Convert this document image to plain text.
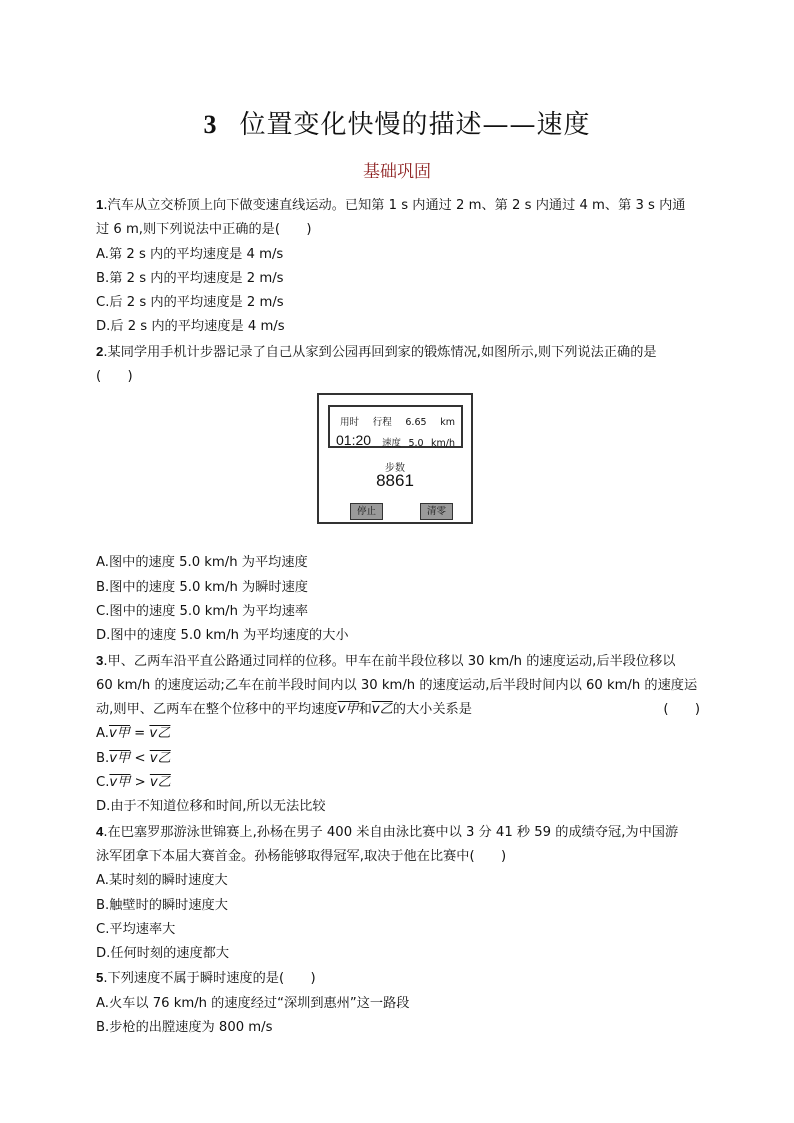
3 位置变化快慢的描述——速度
基础巩固
1.汽车从立交桥顶上向下做变速直线运动。已知第 1 s 内通过 2 m、第 2 s 内通过 4 m、第 3 s 内通
过 6 m,则下列说法中正确的是(　　)
A.第 2 s 内的平均速度是 4 m/s
B.第 2 s 内的平均速度是 2 m/s
C.后 2 s 内的平均速度是 2 m/s
D.后 2 s 内的平均速度是 4 m/s
2.某同学用手机计步器记录了自己从家到公园再回到家的锻炼情况,如图所示,则下列说法正确的是
(　　)
用时 行程 6.65 km
01:20 速度 5.0 km/h
步数
8861
停止	清零
A.图中的速度 5.0 km/h 为平均速度
B.图中的速度 5.0 km/h 为瞬时速度
C.图中的速度 5.0 km/h 为平均速率
D.图中的速度 5.0 km/h 为平均速度的大小
3.甲、乙两车沿平直公路通过同样的位移。甲车在前半段位移以 30 km/h 的速度运动,后半段位移以
60 km/h 的速度运动;乙车在前半段时间内以 30 km/h 的速度运动,后半段时间内以 60 km/h 的速度运
动,则甲、乙两车在整个位移中的平均速度v甲和v乙的大小关系是	(　　)
A.v甲 = v乙
B.v甲 < v乙
C.v甲 > v乙
D.由于不知道位移和时间,所以无法比较
4.在巴塞罗那游泳世锦赛上,孙杨在男子 400 米自由泳比赛中以 3 分 41 秒 59 的成绩夺冠,为中国游
泳军团拿下本届大赛首金。孙杨能够取得冠军,取决于他在比赛中(　　)
A.某时刻的瞬时速度大
B.触壁时的瞬时速度大
C.平均速率大
D.任何时刻的速度都大
5.下列速度不属于瞬时速度的是(　　)
A.火车以 76 km/h 的速度经过“深圳到惠州”这一路段
B.步枪的出膛速度为 800 m/s
